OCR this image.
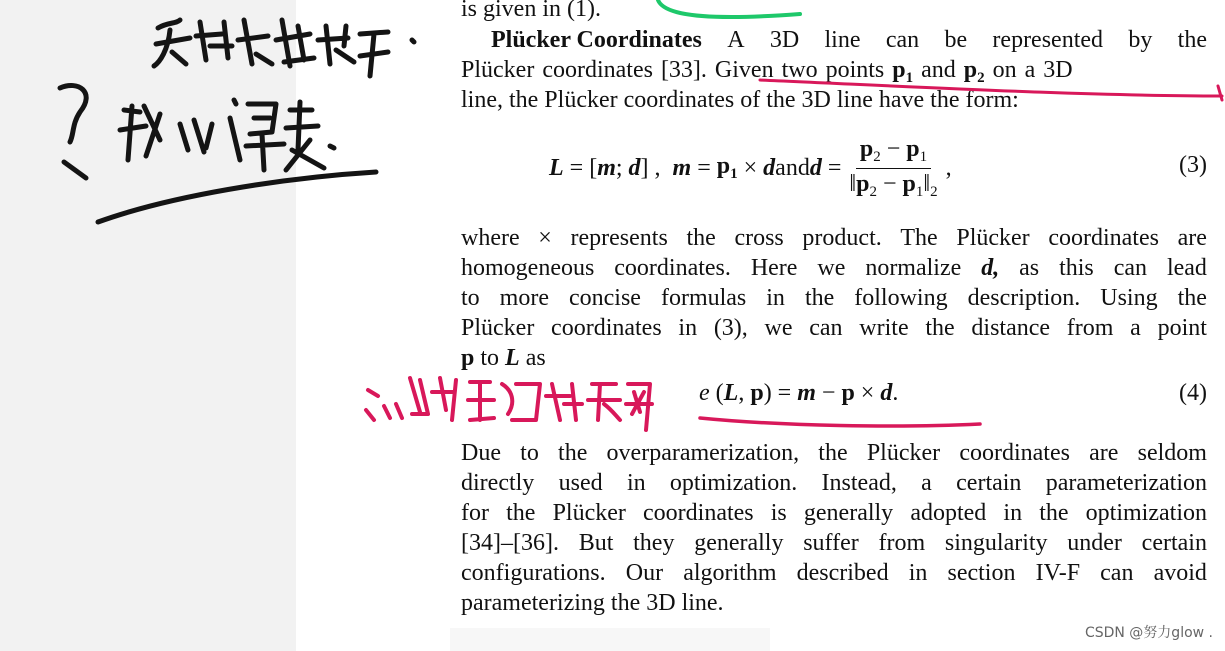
is given in (1).
Plücker Coordinates A 3D line can be represented by the
Plücker coordinates [33]. Given two points $p_1$ and $p_2$ on a 3D
line, the Plücker coordinates of the 3D line have the form:
L = [ m ; d ] , $m = p_1 \times d$ and $d = \frac{p_2 - p_1}{‖p_2 - p_1‖_2}$ ,	(3)
where × represents the cross product. The Plücker coordinates are
homogeneous coordinates. Here we normalize d, as this can lead
to more concise formulas in the following description. Using the
Plücker coordinates in (3), we can write the distance from a point
p to L as
e (L, p) = m − p × d.	(4)
Due to the overparamerization, the Plücker coordinates are seldom
directly used in optimization. Instead, a certain parameterization
for the Plücker coordinates is generally adopted in the optimization
[34]–[36]. But they generally suffer from singularity under certain
configurations. Our algorithm described in section IV-F can avoid
parameterizing the 3D line.
CSDN @努力glow .
